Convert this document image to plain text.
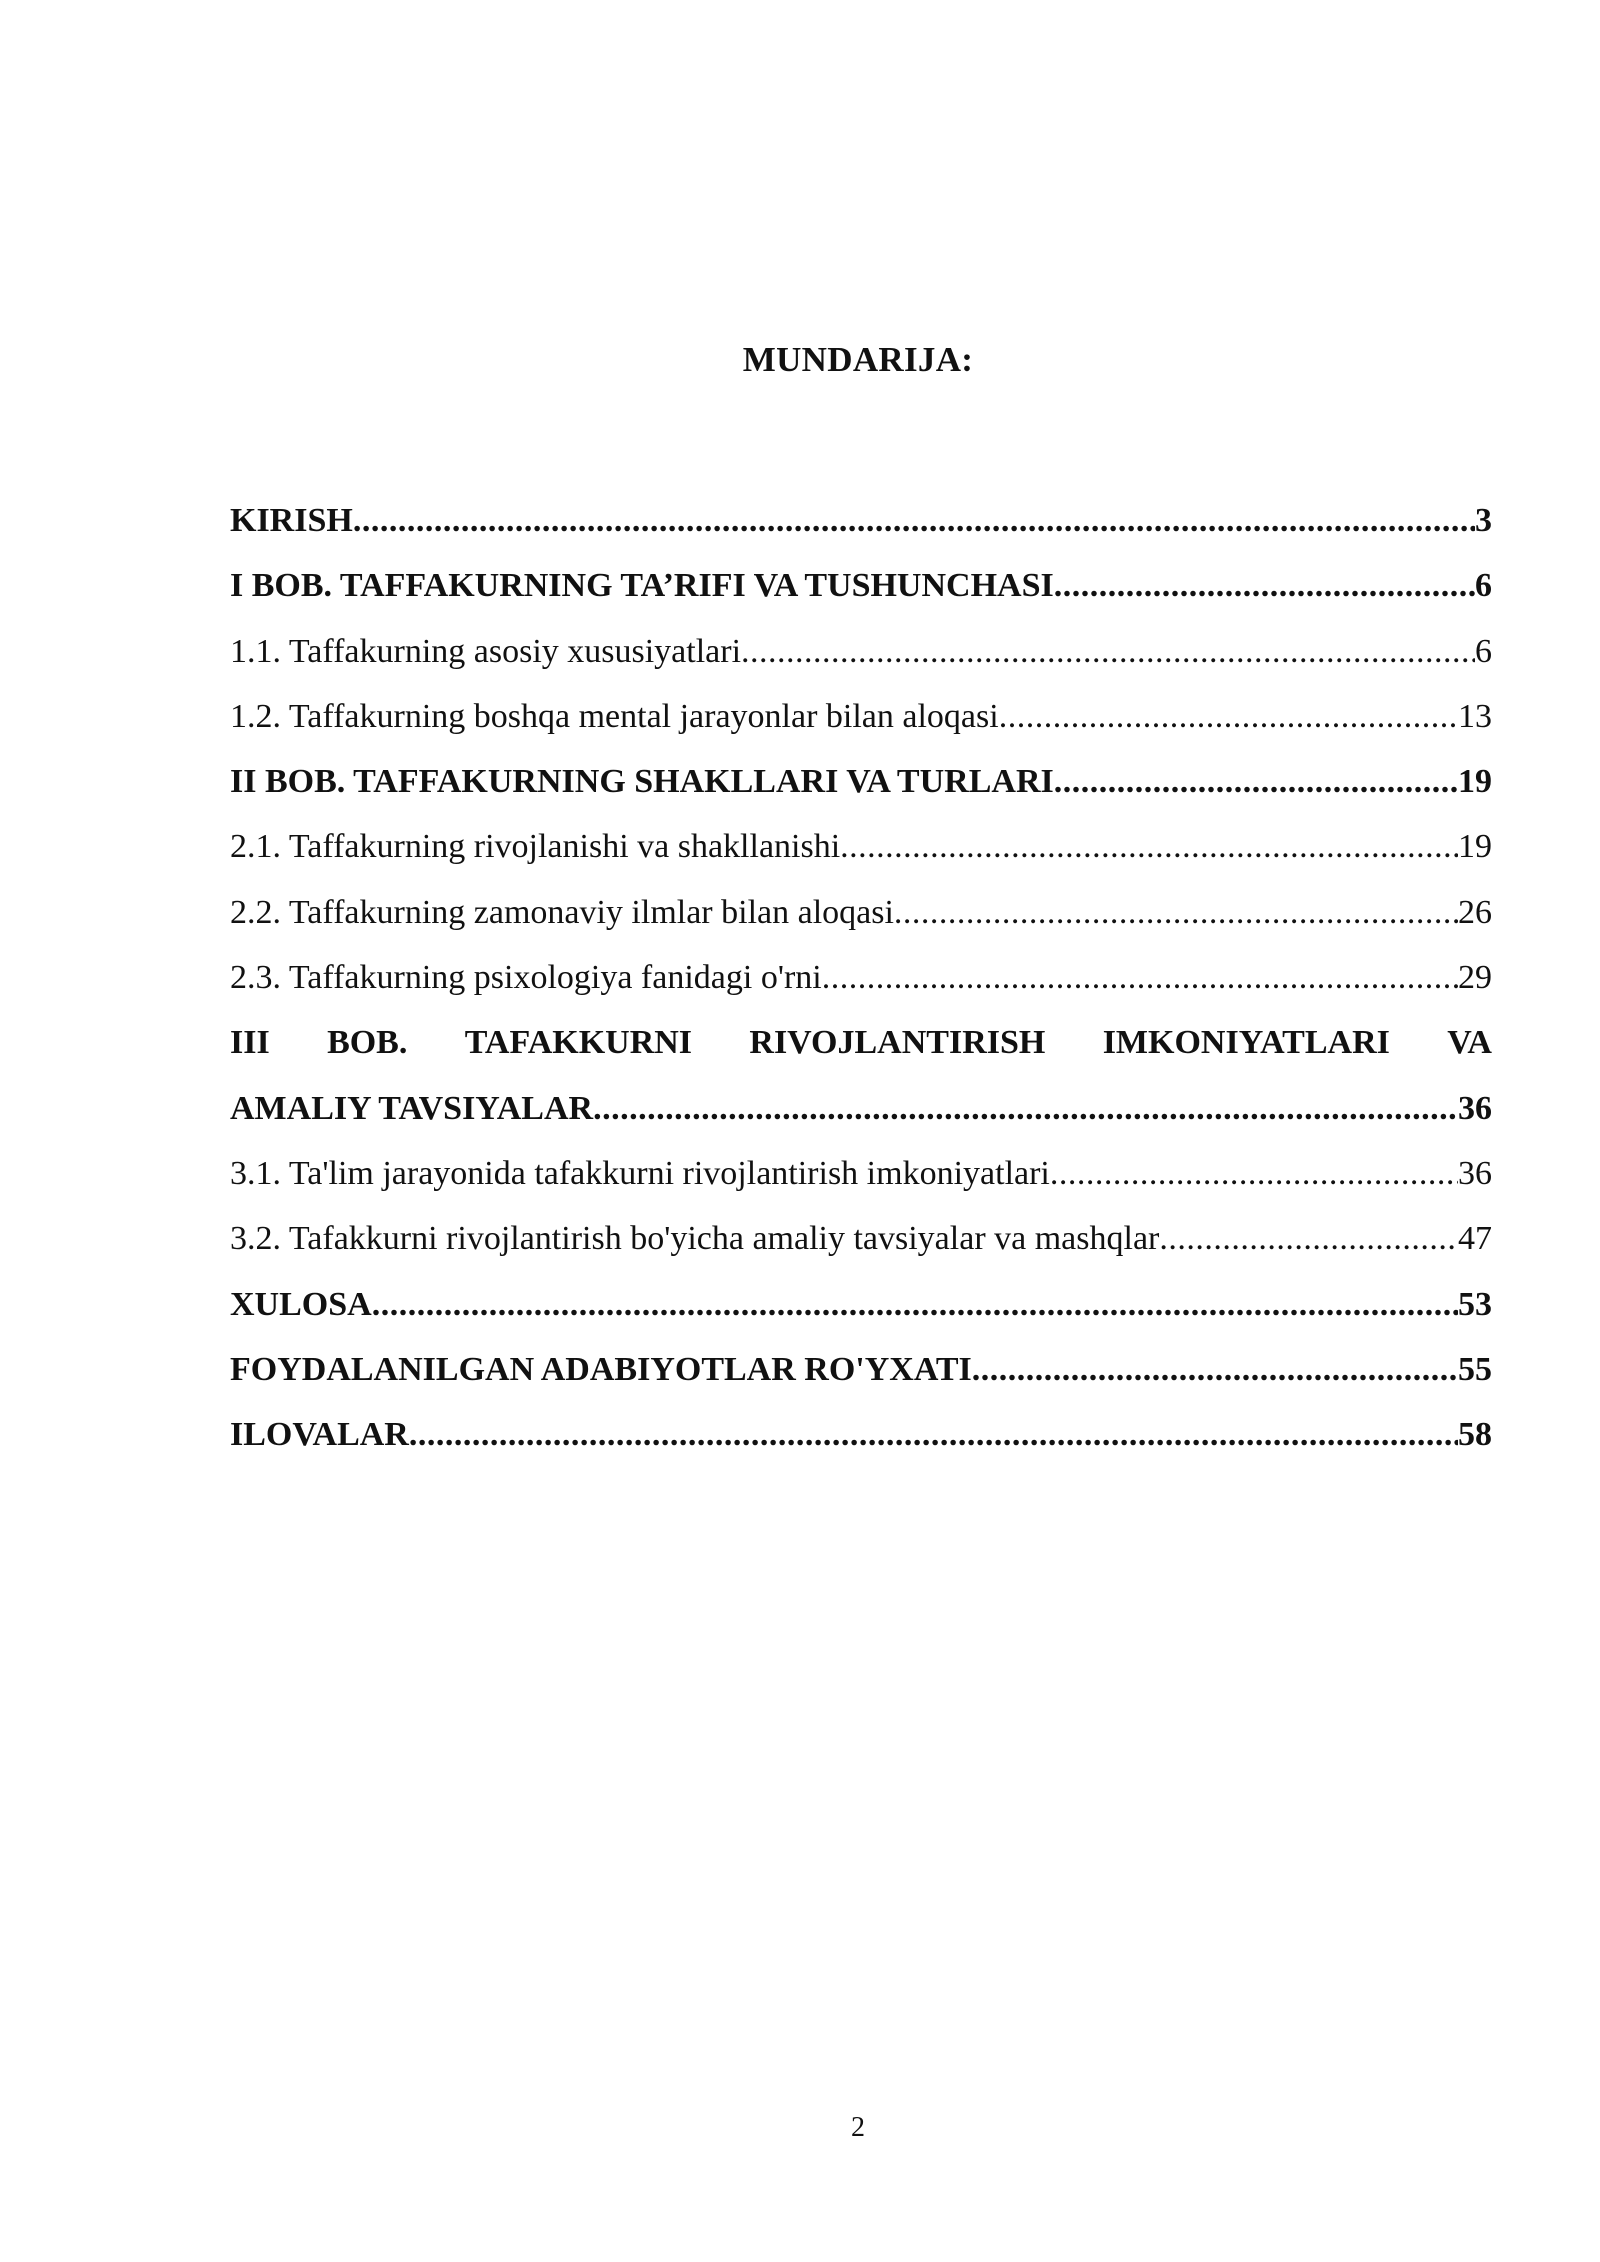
MUNDARIJA:
KIRISH .....	3
I BOB. TAFFAKURNING TA’RIFI VA TUSHUNCHASI .....	6
1.1. Taffakurning asosiy xususiyatlari .....	6
1.2. Taffakurning boshqa mental jarayonlar bilan aloqasi .....	13
II BOB. TAFFAKURNING SHAKLLARI VA TURLARI .....	19
2.1. Taffakurning rivojlanishi va shakllanishi .....	19
2.2. Taffakurning zamonaviy ilmlar bilan aloqasi .....	26
2.3. Taffakurning psixologiya fanidagi o'rni .....	29
III BOB. TAFAKKURNI RIVOJLANTIRISH IMKONIYATLARI VA
AMALIY TAVSIYALAR .....	36
3.1. Ta'lim jarayonida tafakkurni rivojlantirish imkoniyatlari .....	36
3.2. Tafakkurni rivojlantirish bo'yicha amaliy tavsiyalar va mashqlar .....	47
XULOSA .....	53
FOYDALANILGAN ADABIYOTLAR RO'YXATI .....	55
ILOVALAR .....	58
2
